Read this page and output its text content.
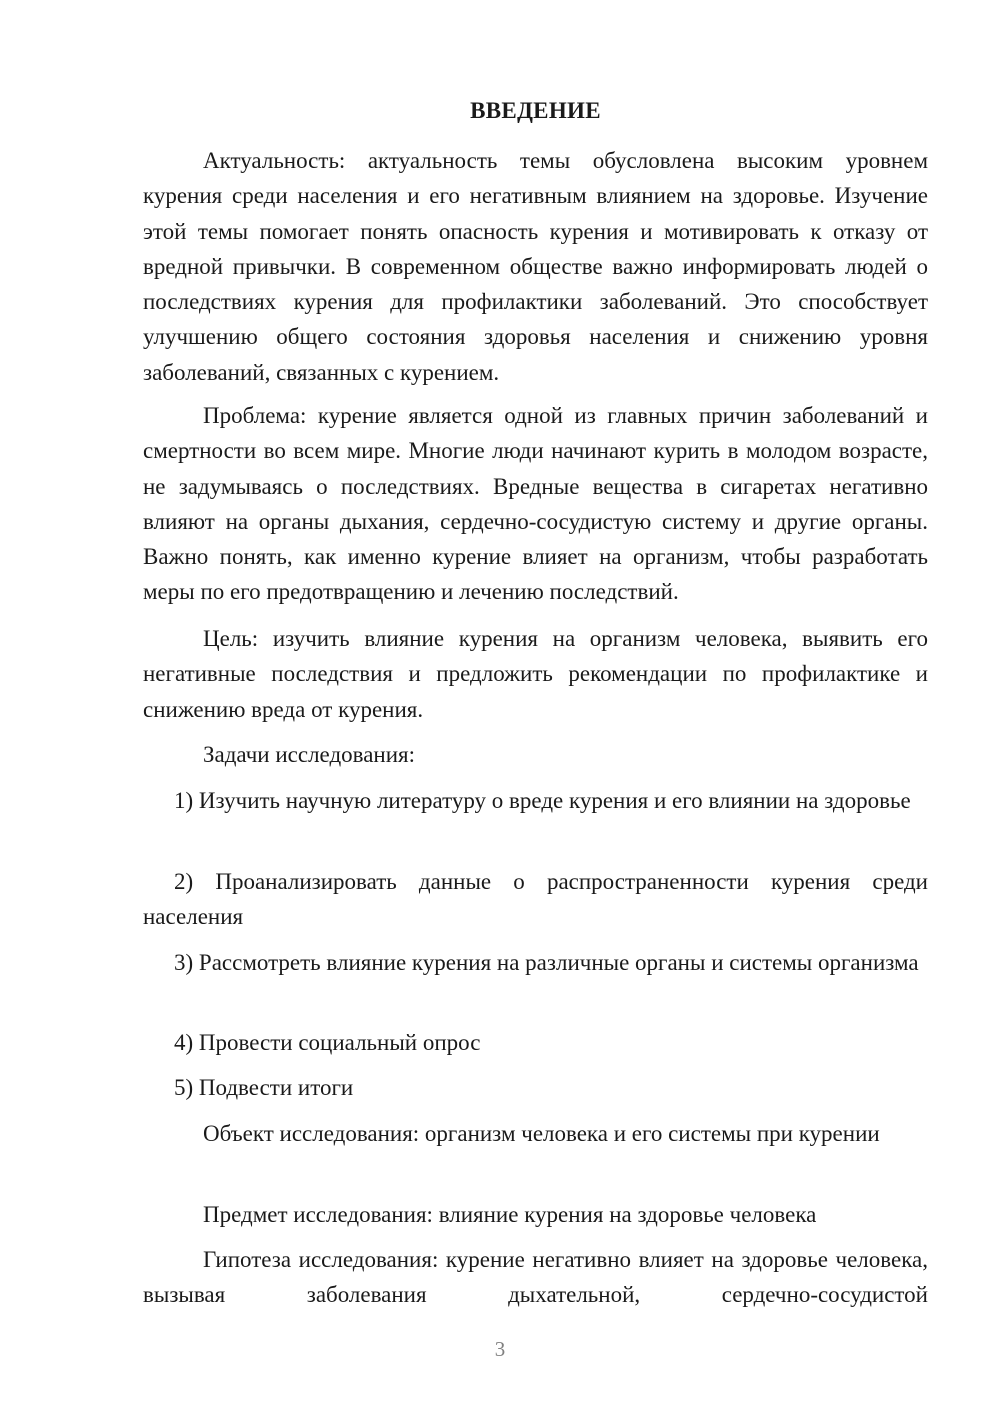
ВВЕДЕНИЕ

Актуальность: актуальность темы обусловлена высоким уровнем курения среди населения и его негативным влиянием на здоровье. Изучение этой темы помогает понять опасность курения и мотивировать к отказу от вредной привычки. В современном обществе важно информировать людей о последствиях курения для профилактики заболеваний. Это способствует улучшению общего состояния здоровья населения и снижению уровня заболеваний, связанных с курением.

Проблема: курение является одной из главных причин заболеваний и смертности во всем мире. Многие люди начинают курить в молодом возрасте, не задумываясь о последствиях. Вредные вещества в сигаретах негативно влияют на органы дыхания, сердечно-сосудистую систему и другие органы. Важно понять, как именно курение влияет на организм, чтобы разработать меры по его предотвращению и лечению последствий.

Цель: изучить влияние курения на организм человека, выявить его негативные последствия и предложить рекомендации по профилактике и снижению вреда от курения.

Задачи исследования:

1) Изучить научную литературу о вреде курения и его влиянии на здоровье

2) Проанализировать данные о распространенности курения среди населения

3) Рассмотреть влияние курения на различные органы и системы организма

4) Провести социальный опрос

5) Подвести итоги

Объект исследования: организм человека и его системы при курении

Предмет исследования: влияние курения на здоровье человека

Гипотеза исследования: курение негативно влияет на здоровье человека, вызывая заболевания дыхательной, сердечно-сосудистой

3
